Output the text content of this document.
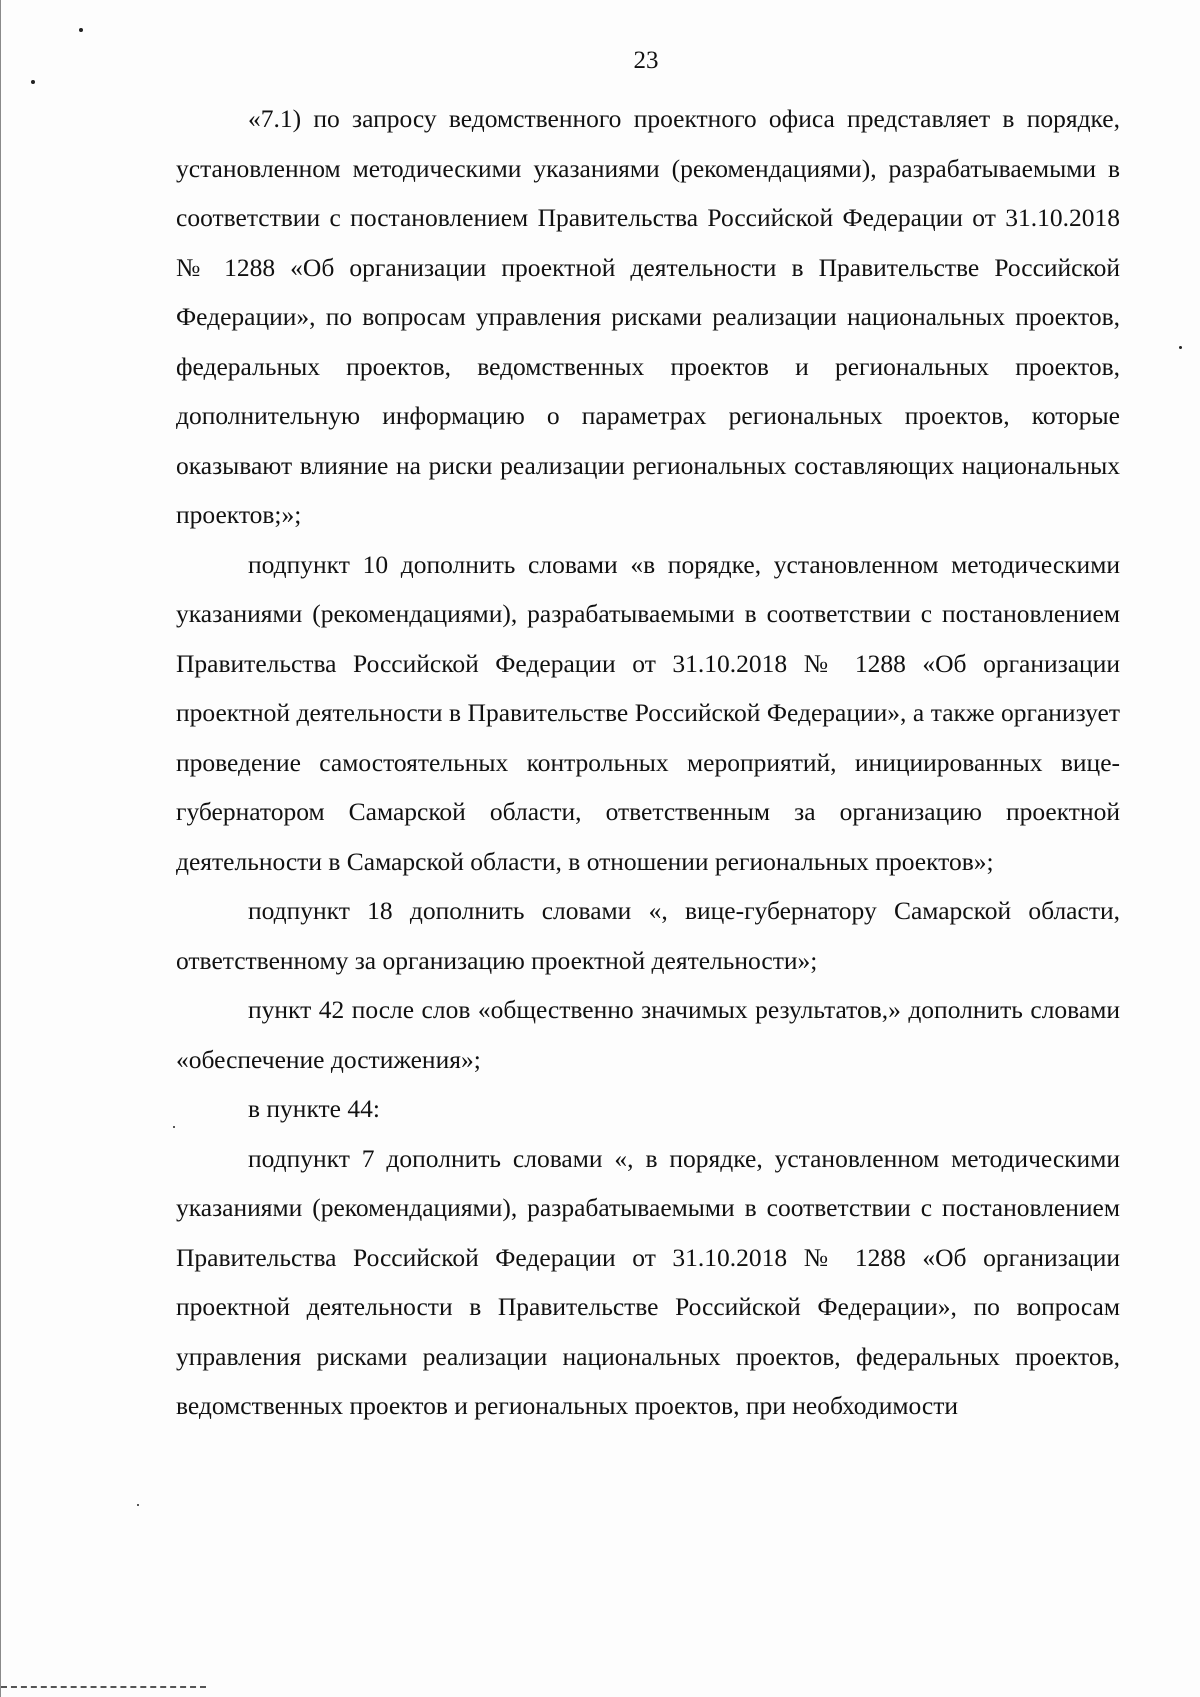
23

«7.1) по запросу ведомственного проектного офиса представляет в порядке, установленном методическими указаниями (рекомендациями), разрабатываемыми в соответствии с постановлением Правительства Российской Федерации от 31.10.2018 № 1288 «Об организации проектной деятельности в Правительстве Российской Федерации», по вопросам управления рисками реализации национальных проектов, федеральных проектов, ведомственных проектов и региональных проектов, дополнительную информацию о параметрах региональных проектов, которые оказывают влияние на риски реализации региональных составляющих национальных проектов;»;

подпункт 10 дополнить словами «в порядке, установленном методическими указаниями (рекомендациями), разрабатываемыми в соответствии с постановлением Правительства Российской Федерации от 31.10.2018 № 1288 «Об организации проектной деятельности в Правительстве Российской Федерации», а также организует проведение самостоятельных контрольных мероприятий, инициированных вице-губернатором Самарской области, ответственным за организацию проектной деятельности в Самарской области, в отношении региональных проектов»;

подпункт 18 дополнить словами «, вице-губернатору Самарской области, ответственному за организацию проектной деятельности»;

пункт 42 после слов «общественно значимых результатов,» дополнить словами «обеспечение достижения»;

в пункте 44:

подпункт 7 дополнить словами «, в порядке, установленном методическими указаниями (рекомендациями), разрабатываемыми в соответствии с постановлением Правительства Российской Федерации от 31.10.2018 № 1288 «Об организации проектной деятельности в Правительстве Российской Федерации», по вопросам управления рисками реализации национальных проектов, федеральных проектов, ведомственных проектов и региональных проектов, при необходимости
